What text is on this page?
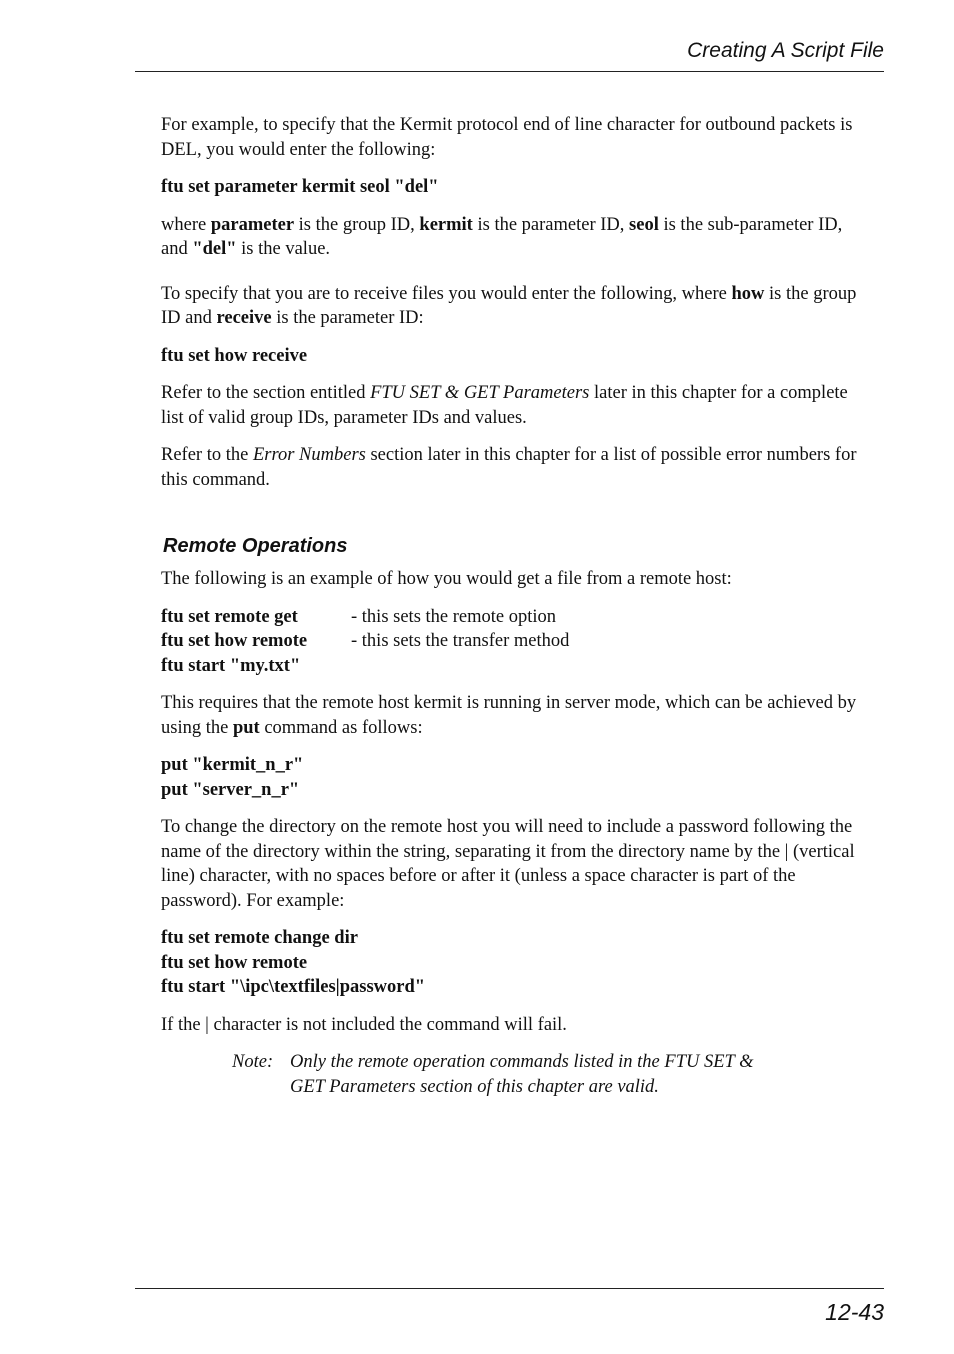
Creating A Script File

For example, to specify that the Kermit protocol end of line character for outbound packets is DEL, you would enter the following:

ftu set parameter kermit seol "del"

where parameter is the group ID, kermit is the parameter ID, seol is the sub-parameter ID, and "del" is the value.

To specify that you are to receive files you would enter the following, where how is the group ID and receive is the parameter ID:

ftu set how receive

Refer to the section entitled FTU SET & GET Parameters later in this chapter for a complete list of valid group IDs, parameter IDs and values.

Refer to the Error Numbers section later in this chapter for a list of possible error numbers for this command.

Remote Operations

The following is an example of how you would get a file from a remote host:

ftu set remote get	- this sets the remote option
ftu set how remote	- this sets the transfer method
ftu start "my.txt"

This requires that the remote host kermit is running in server mode, which can be achieved by using the put command as follows:

put "kermit_n_r"

put "server_n_r"

To change the directory on the remote host you will need to include a password following the name of the directory within the string, separating it from the directory name by the | (vertical line) character, with no spaces before or after it (unless a space character is part of the password). For example:

ftu set remote change dir

ftu set how remote

ftu start "\ipc\textfiles|password"

If the | character is not included the command will fail.

Note: Only the remote operation commands listed in the FTU SET & GET Parameters section of this chapter are valid.
12-43
